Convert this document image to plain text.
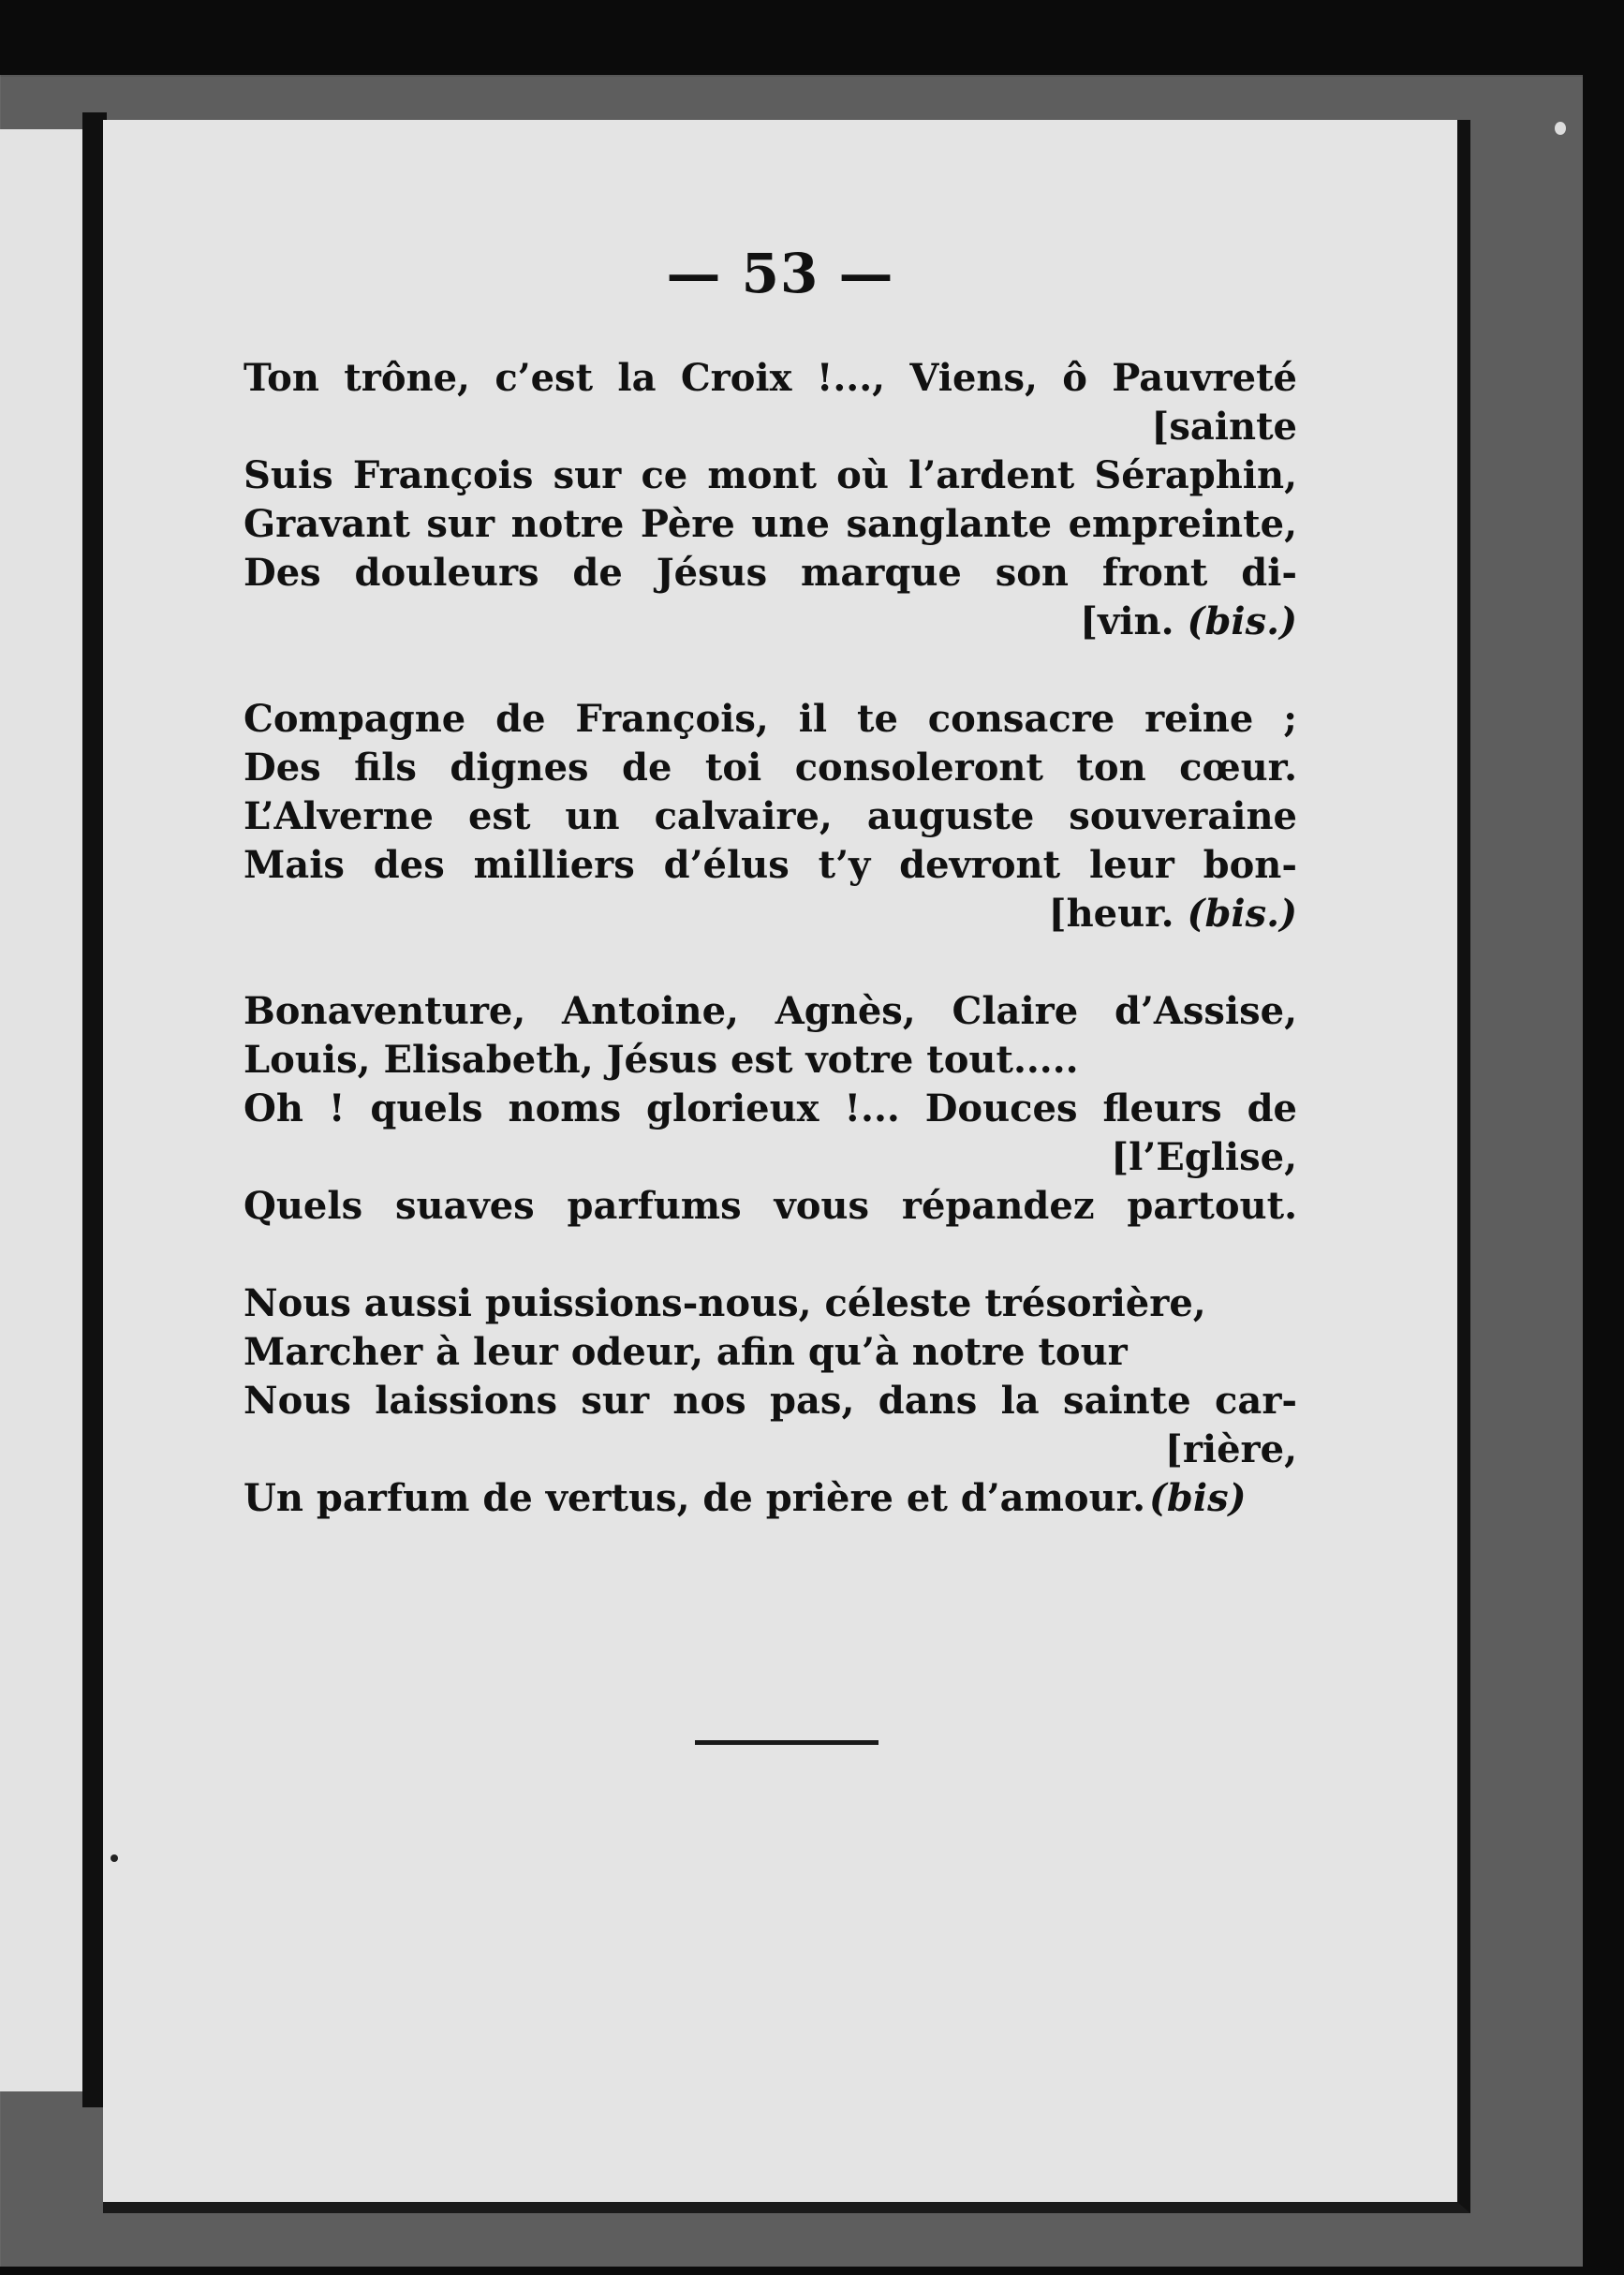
— 53 —
Ton trône, c’est la Croix !..., Viens, ô Pauvreté
[sainte
Suis François sur ce mont où l’ardent Séraphin,
Gravant sur notre Père une sanglante empreinte,
Des douleurs de Jésus marque son front di-
[vin. (bis.)
Compagne de François, il te consacre reine ;
Des fils dignes de toi consoleront ton cœur.
L’Alverne est un calvaire, auguste souveraine
Mais des milliers d’élus t’y devront leur bon-
[heur. (bis.)
Bonaventure, Antoine, Agnès, Claire d’Assise,
Louis, Elisabeth, Jésus est votre tout.....
Oh ! quels noms glorieux !... Douces fleurs de
[l’Eglise,
Quels suaves parfums vous répandez partout.
Nous aussi puissions-nous, céleste trésorière,
Marcher à leur odeur, afin qu’à notre tour
Nous laissions sur nos pas, dans la sainte car-
[rière,
Un parfum de vertus, de prière et d’amour. (bis)
